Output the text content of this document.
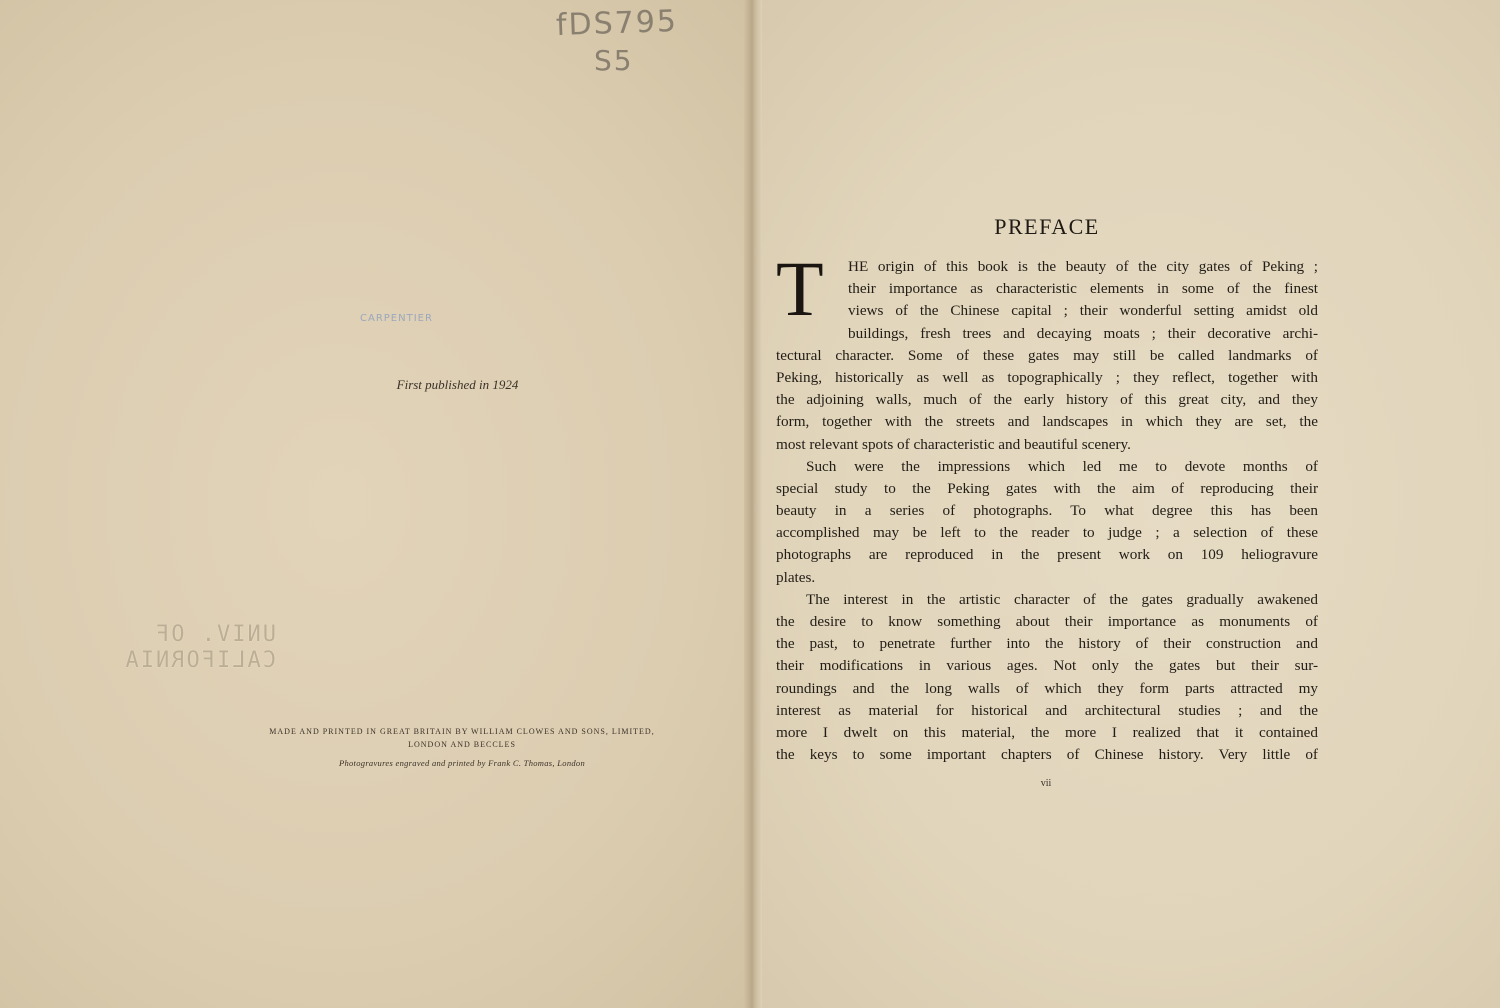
fDS795
S5
CARPENTIER
First published in 1924
UNIV. OF
CALIFORNIA
MADE AND PRINTED IN GREAT BRITAIN BY WILLIAM CLOWES AND SONS, LIMITED,
LONDON AND BECCLES
Photogravures engraved and printed by Frank C. Thomas, London
PREFACE
T	HE origin of this book is the beauty of the city gates of Peking ;
their importance as characteristic elements in some of the finest
views of the Chinese capital ; their wonderful setting amidst old
buildings, fresh trees and decaying moats ; their decorative archi-
tectural character. Some of these gates may still be called landmarks of
Peking, historically as well as topographically ; they reflect, together with
the adjoining walls, much of the early history of this great city, and they
form, together with the streets and landscapes in which they are set, the
most relevant spots of characteristic and beautiful scenery.
Such were the impressions which led me to devote months of
special study to the Peking gates with the aim of reproducing their
beauty in a series of photographs. To what degree this has been
accomplished may be left to the reader to judge ; a selection of these
photographs are reproduced in the present work on 109 heliogravure
plates.
The interest in the artistic character of the gates gradually awakened
the desire to know something about their importance as monuments of
the past, to penetrate further into the history of their construction and
their modifications in various ages. Not only the gates but their sur-
roundings and the long walls of which they form parts attracted my
interest as material for historical and architectural studies ; and the
more I dwelt on this material, the more I realized that it contained
the keys to some important chapters of Chinese history. Very little of
vii
